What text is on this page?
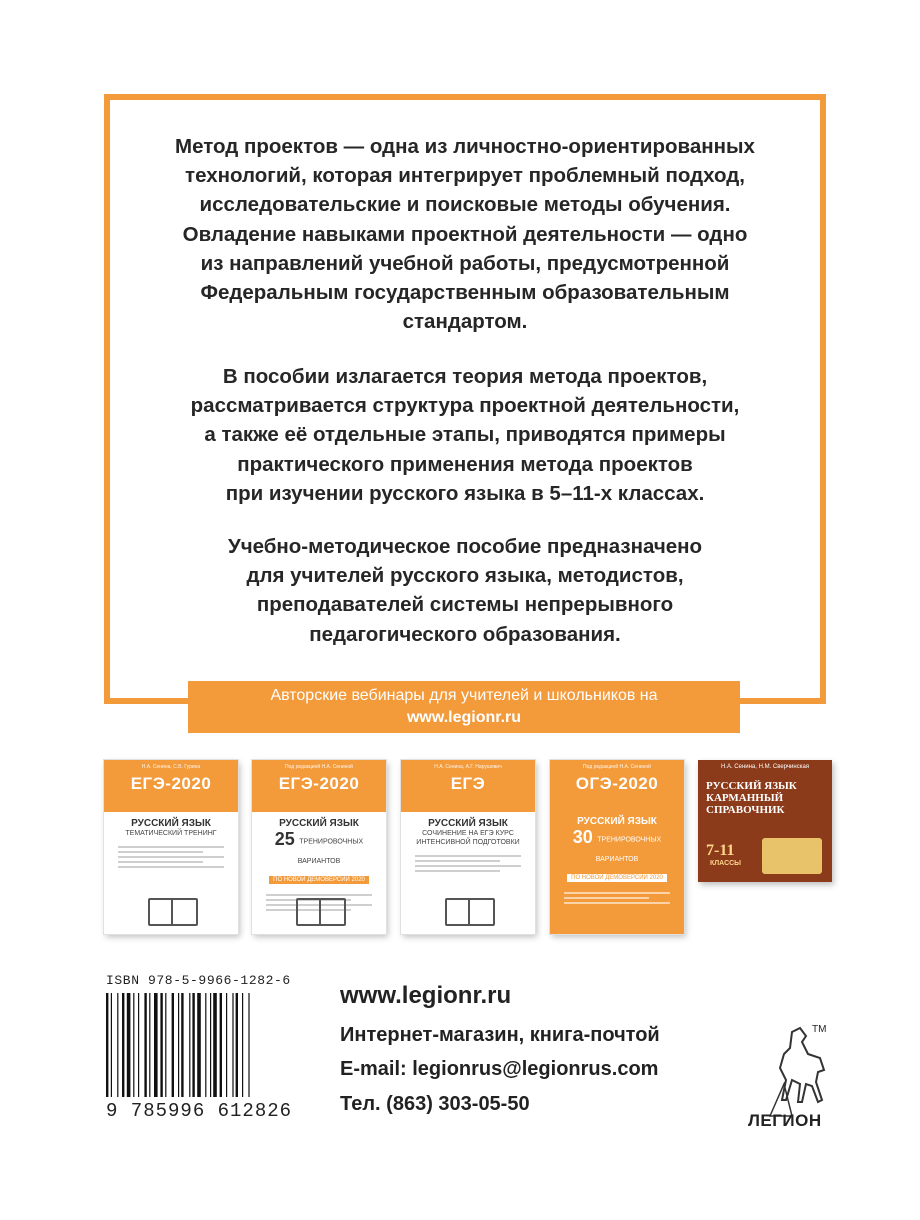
Метод проектов — одна из личностно-ориентированных
технологий, которая интегрирует проблемный подход,
исследовательские и поисковые методы обучения.
Овладение навыками проектной деятельности — одно
из направлений учебной работы, предусмотренной
Федеральным государственным образовательным
стандартом.
В пособии излагается теория метода проектов,
рассматривается структура проектной деятельности,
а также её отдельные этапы, приводятся примеры
практического применения метода проектов
при изучении русского языка в 5–11-х классах.
Учебно-методическое пособие предназначено
для учителей русского языка, методистов,
преподавателей системы непрерывного
педагогического образования.
Авторские вебинары для учителей и школьников на
www.legionr.ru
Н.А. Сенина, С.В. Гурина
ЕГЭ-2020
РУССКИЙ ЯЗЫК
ТЕМАТИЧЕСКИЙ ТРЕНИНГ
Под редакцией Н.А. Сениной
ЕГЭ-2020
РУССКИЙ ЯЗЫК
25 ТРЕНИРОВОЧНЫХ ВАРИАНТОВ
ПО НОВОЙ ДЕМОВЕРСИИ 2020
Н.А. Сенина, А.Г. Нарушевич
ЕГЭ
РУССКИЙ ЯЗЫК
СОЧИНЕНИЕ НА ЕГЭ КУРС ИНТЕНСИВНОЙ ПОДГОТОВКИ
Под редакцией Н.А. Сениной
ОГЭ-2020
РУССКИЙ ЯЗЫК
30 ТРЕНИРОВОЧНЫХ ВАРИАНТОВ
ПО НОВОЙ ДЕМОВЕРСИИ 2020
Н.А. Сенина, Н.М. Сверчинская
РУССКИЙ ЯЗЫК КАРМАННЫЙ СПРАВОЧНИК
7-11
КЛАССЫ
ISBN 978-5-9966-1282-6
9 785996 612826
www.legionr.ru
Интернет-магазин, книга-почтой
E-mail: legionrus@legionrus.com
Тел. (863) 303-05-50
TM
ЛЕГИОН
